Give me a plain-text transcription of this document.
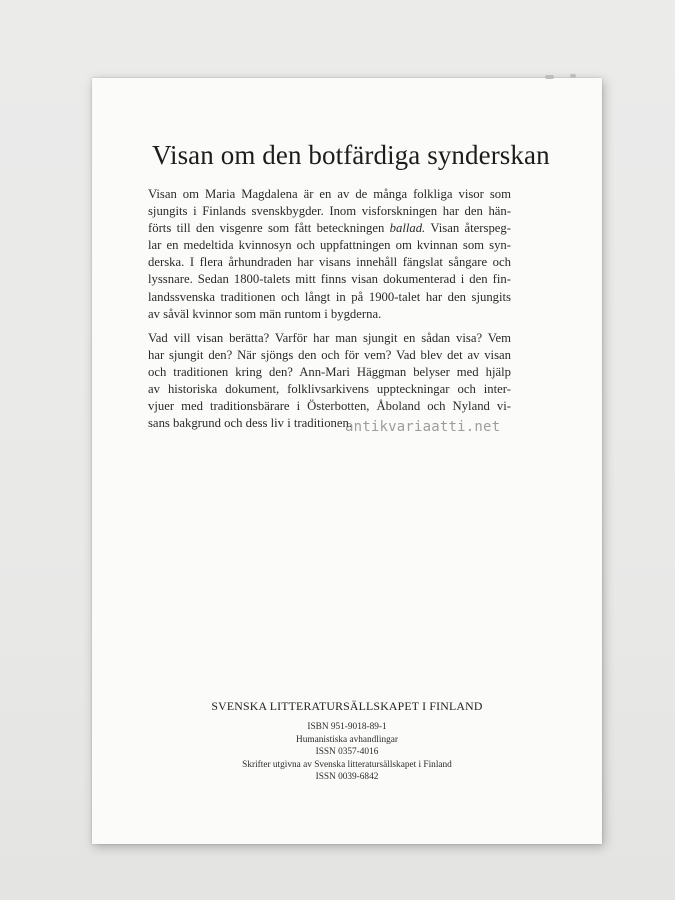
Visan om den botfärdiga synderskan
Visan om Maria Magdalena är en av de många folkliga visor som
sjungits i Finlands svenskbygder. Inom visforskningen har den hän-
förts till den visgenre som fått beteckningen ballad. Visan återspeg-
lar en medeltida kvinnosyn och uppfattningen om kvinnan som syn-
derska. I flera århundraden har visans innehåll fängslat sångare och
lyssnare. Sedan 1800-talets mitt finns visan dokumenterad i den fin-
landssvenska traditionen och långt in på 1900-talet har den sjungits
av såväl kvinnor som män runtom i bygderna.
Vad vill visan berätta? Varför har man sjungit en sådan visa? Vem
har sjungit den? När sjöngs den och för vem? Vad blev det av visan
och traditionen kring den? Ann-Mari Häggman belyser med hjälp
av historiska dokument, folklivsarkivens uppteckningar och inter-
vjuer med traditionsbärare i Österbotten, Åboland och Nyland vi-
sans bakgrund och dess liv i traditionen.
antikvariaatti.net
SVENSKA LITTERATURSÄLLSKAPET I FINLAND
ISBN 951-9018-89-1
Humanistiska avhandlingar
ISSN 0357-4016
Skrifter utgivna av Svenska litteratursällskapet i Finland
ISSN 0039-6842
